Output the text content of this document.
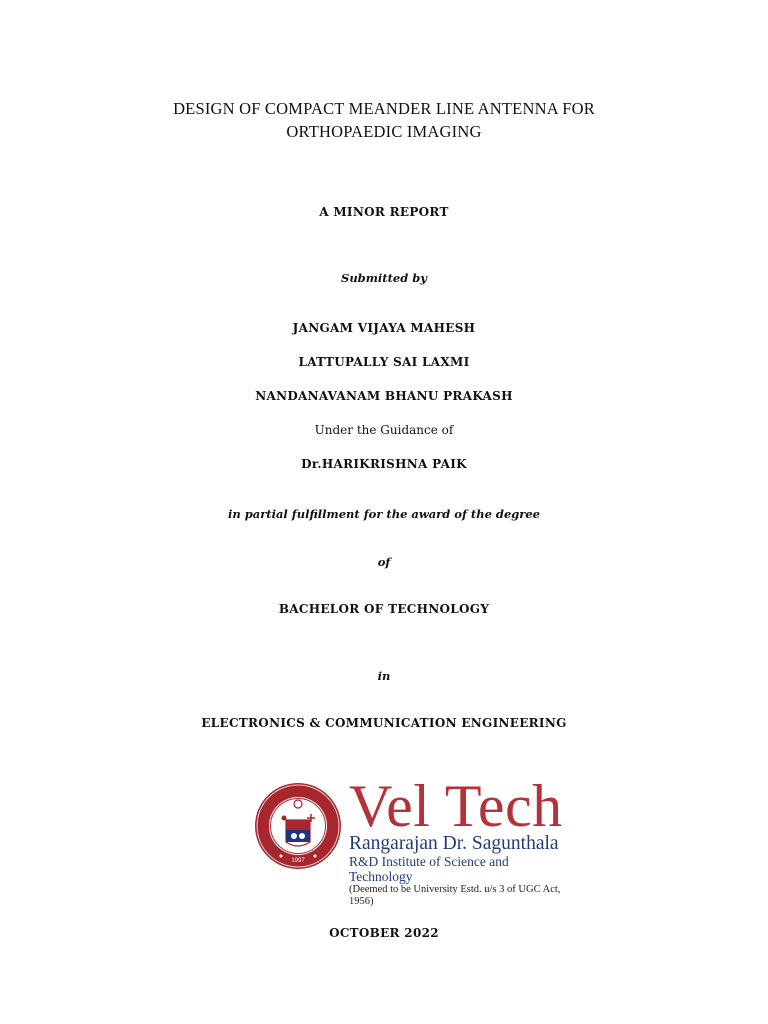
DESIGN OF COMPACT MEANDER LINE ANTENNA FOR
ORTHOPAEDIC IMAGING
A MINOR REPORT
Submitted by
JANGAM VIJAYA MAHESH
LATTUPALLY SAI LAXMI
NANDANAVANAM BHANU PRAKASH
Under the Guidance of
Dr.HARIKRISHNA PAIK
in partial fulfillment for the award of the degree
of
BACHELOR OF TECHNOLOGY
in
ELECTRONICS & COMMUNICATION ENGINEERING
1997
Vel Tech
Rangarajan Dr. Sagunthala
R&D Institute of Science and Technology
(Deemed to be University Estd. u/s 3 of UGC Act, 1956)
OCTOBER 2022
